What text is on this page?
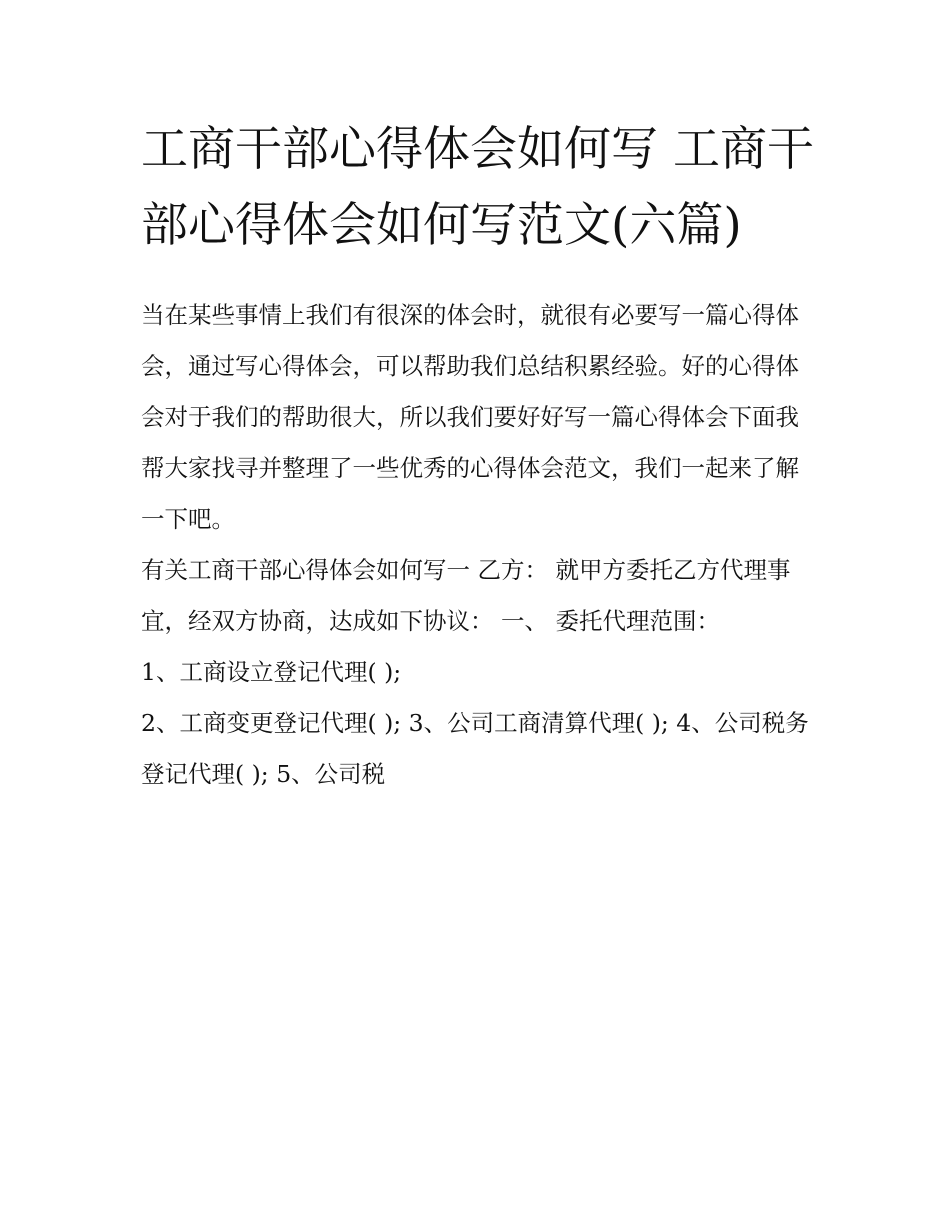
工商干部心得体会如何写 工商干部心得体会如何写范文(六篇)

当在某些事情上我们有很深的体会时，就很有必要写一篇心得体会，通过写心得体会，可以帮助我们总结积累经验。好的心得体会对于我们的帮助很大，所以我们要好好写一篇心得体会下面我帮大家找寻并整理了一些优秀的心得体会范文，我们一起来了解一下吧。

有关工商干部心得体会如何写一 乙方： 就甲方委托乙方代理事宜，经双方协商，达成如下协议： 一、 委托代理范围：

1、工商设立登记代理( );

2、工商变更登记代理( ); 3、公司工商清算代理( ); 4、公司税务登记代理( ); 5、公司税
